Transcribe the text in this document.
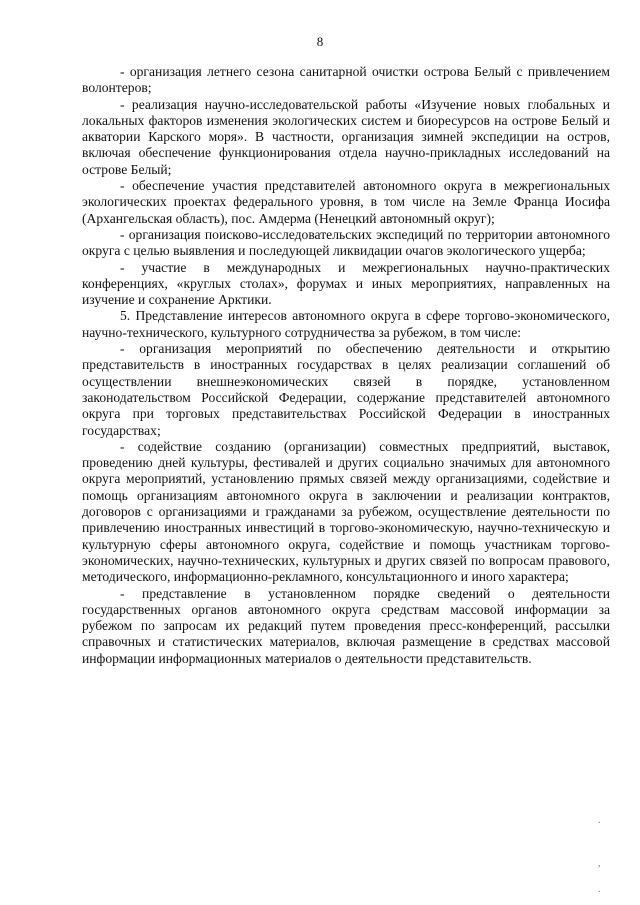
8

- организация летнего сезона санитарной очистки острова Белый с привлечением волонтеров;

- реализация научно-исследовательской работы «Изучение новых глобальных и локальных факторов изменения экологических систем и биоресурсов на острове Белый и акватории Карского моря». В частности, организация зимней экспедиции на остров, включая обеспечение функционирования отдела научно-прикладных исследований на острове Белый;

- обеспечение участия представителей автономного округа в межрегиональных экологических проектах федерального уровня, в том числе на Земле Франца Иосифа (Архангельская область), пос. Амдерма (Ненецкий автономный округ);

- организация поисково-исследовательских экспедиций по территории автономного округа с целью выявления и последующей ликвидации очагов экологического ущерба;

- участие в международных и межрегиональных научно-практических конференциях, «круглых столах», форумах и иных мероприятиях, направленных на изучение и сохранение Арктики.

5. Представление интересов автономного округа в сфере торгово-экономического, научно-технического, культурного сотрудничества за рубежом, в том числе:

- организация мероприятий по обеспечению деятельности и открытию представительств в иностранных государствах в целях реализации соглашений об осуществлении внешнеэкономических связей в порядке, установленном законодательством Российской Федерации, содержание представителей автономного округа при торговых представительствах Российской Федерации в иностранных государствах;

- содействие созданию (организации) совместных предприятий, выставок, проведению дней культуры, фестивалей и других социально значимых для автономного округа мероприятий, установлению прямых связей между организациями, содействие и помощь организациям автономного округа в заключении и реализации контрактов, договоров с организациями и гражданами за рубежом, осуществление деятельности по привлечению иностранных инвестиций в торгово-экономическую, научно-техническую и культурную сферы автономного округа, содействие и помощь участникам торгово-экономических, научно-технических, культурных и других связей по вопросам правового, методического, информационно-рекламного, консультационного и иного характера;

- представление в установленном порядке сведений о деятельности государственных органов автономного округа средствам массовой информации за рубежом по запросам их редакций путем проведения пресс-конференций, рассылки справочных и статистических материалов, включая размещение в средствах массовой информации информационных материалов о деятельности представительств.

.
,
.
